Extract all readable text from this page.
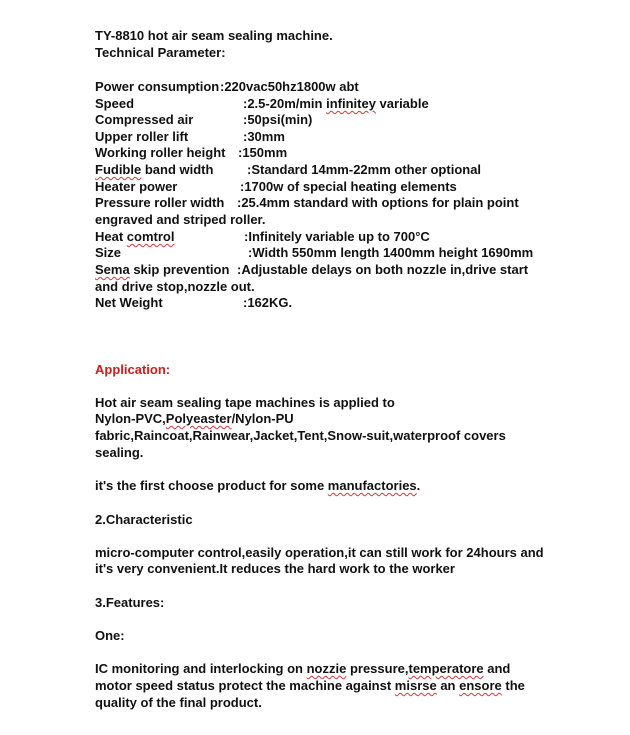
TY-8810 hot air seam sealing machine.
Technical Parameter:
Power consumption :220vac50hz1800w abt
Speed	:2.5-20m/min infinitey variable
Compressed air	:50psi(min)
Upper roller lift	:30mm
Working roller height :150mm
Fudible band width	:Standard 14mm-22mm other optional
Heater power	:1700w of special heating elements
Pressure roller width :25.4mm standard with options for plain point
engraved and striped roller.
Heat comtrol	:Infinitely variable up to 700°C
Size	:Width 550mm length 1400mm height 1690mm
Sema skip prevention :Adjustable delays on both nozzle in,drive start
and drive stop,nozzle out.
Net Weight	:162KG.
Application:
Hot air seam sealing tape machines is applied to
Nylon-PVC,Polyeaster/Nylon-PU
fabric,Raincoat,Rainwear,Jacket,Tent,Snow-suit,waterproof covers
sealing.
it's the first choose product for some manufactories.
2.Characteristic
micro-computer control,easily operation,it can still work for 24hours and
it's very convenient.It reduces the hard work to the worker
3.Features:
One:
IC monitoring and interlocking on nozzie pressure,temperatore and
motor speed status protect the machine against misrse an ensore the
quality of the final product.
